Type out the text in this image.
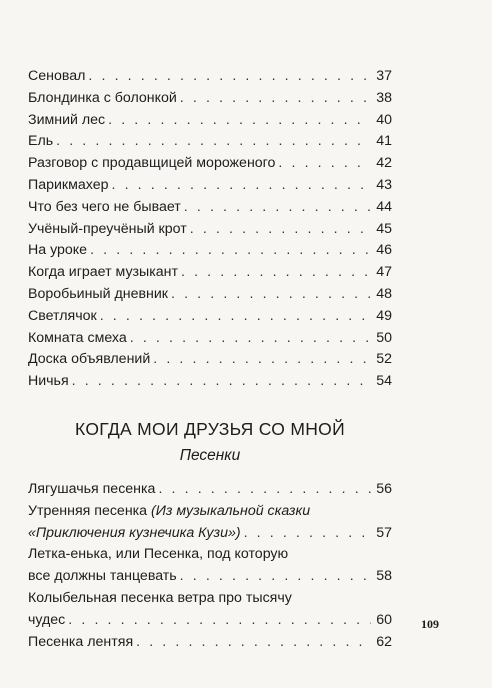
Сеновал . . .	37
Блондинка с болонкой . . .	38
Зимний лес . . .	40
Ель . . .	41
Разговор с продавщицей мороженого . . .	42
Парикмахер . . .	43
Что без чего не бывает . . .	44
Учёный-преучёный крот . . .	45
На уроке . . .	46
Когда играет музыкант . . .	47
Воробьиный дневник . . .	48
Светлячок . . .	49
Комната смеха . . .	50
Доска объявлений . . .	52
Ничья . . .	54
КОГДА МОИ ДРУЗЬЯ СО МНОЙ
Песенки
Лягушачья песенка . . .	56
Утренняя песенка (Из музыкальной сказки
«Приключения кузнечика Кузи») . . .	57
Летка-енька, или Песенка, под которую
все должны танцевать . . .	58
Колыбельная песенка ветра про тысячу
чудес . . .	60
Песенка лентяя . . .	62
109
